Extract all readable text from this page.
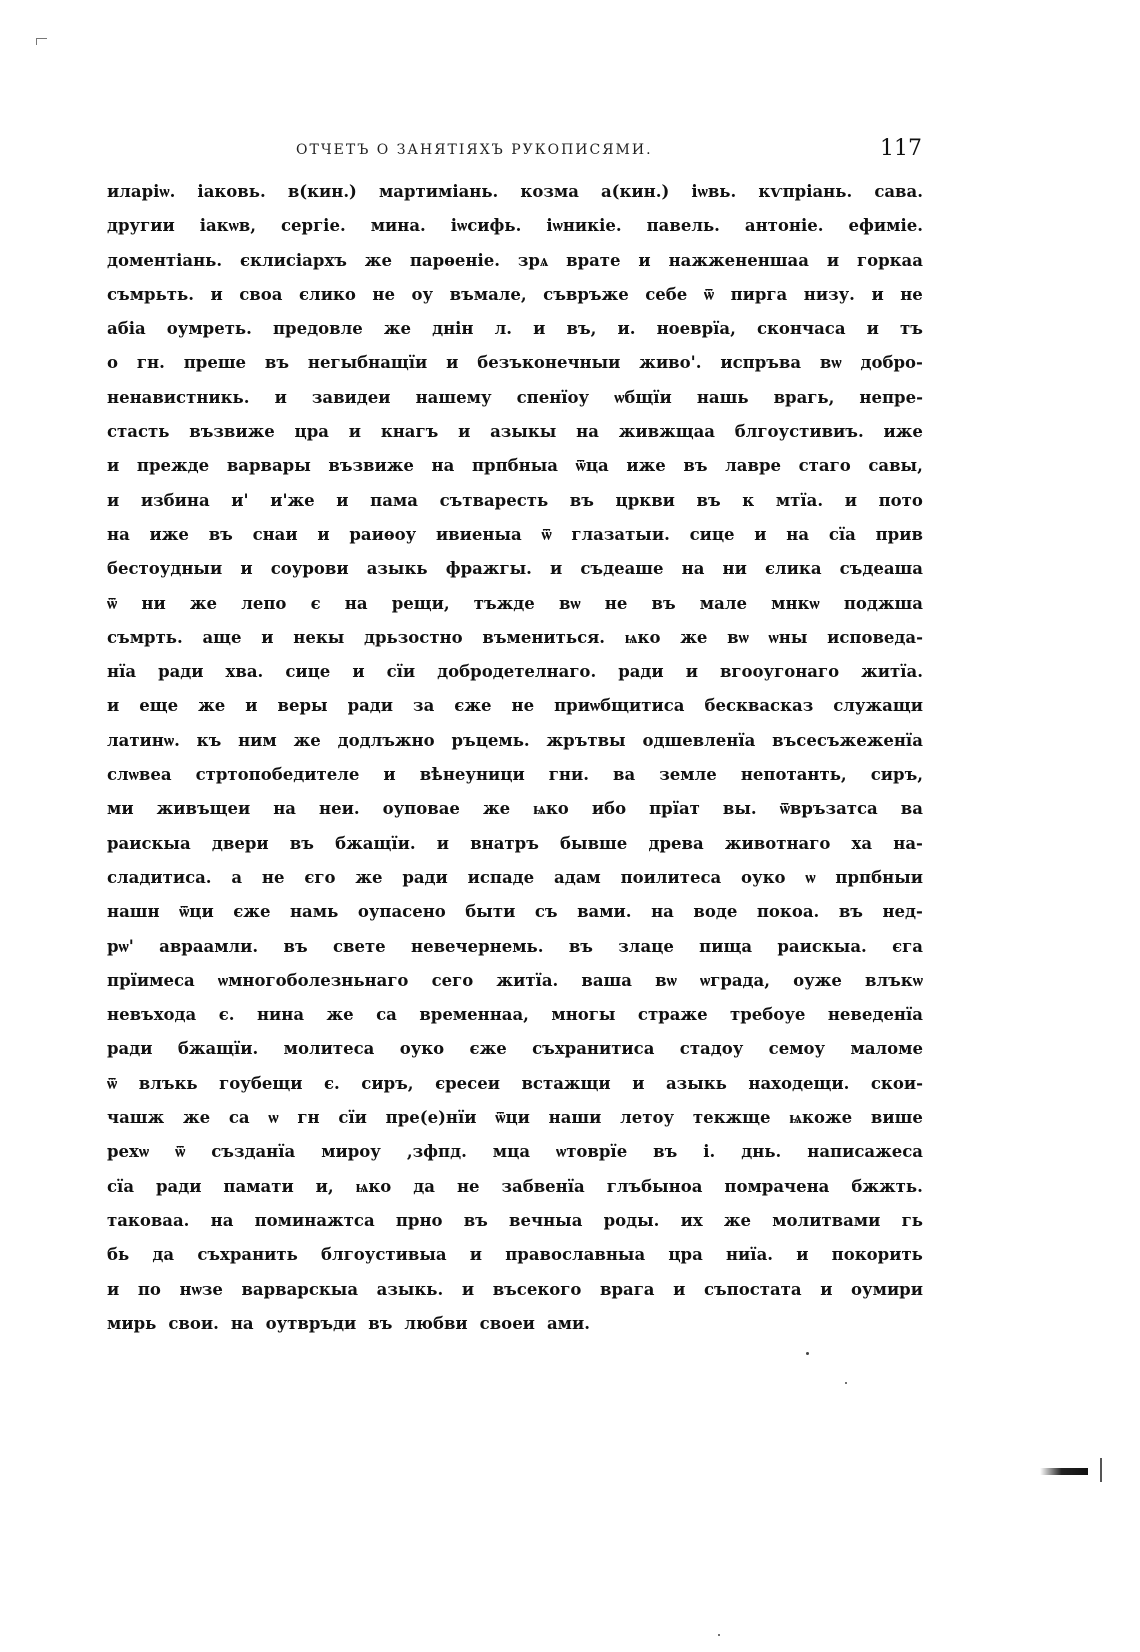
ОТЧЕТЪ О ЗАНЯТІЯХЪ РУКОПИСЯМИ.	117
иларіѡ. іаковь. в(кин.) мартиміань. козма а(кин.) іѡвь. кѵпріань. сава.
другии іакѡв, сергіе. мина. іѡсифь. іѡникіе. павель. антоніе. ефиміе.
доментіань. єклисіархъ же парѳеніе. зрѧ врате и нажжененшаа и горкаа
съмрьть. и своа єлико не оу въмале, съвръже себе ѿ пирга низу. и не
абіа оумреть. предовле же днін л. и въ, и. ноеврїа, скончаса и тъ
о гн. преше въ негыбнащїи и безъконечныи живо'. испръва вѡ добро-
ненавистникь. и завидеи нашему спенїоу ѡбщїи нашь врагь, непре-
стасть възвиже цра и кнагъ и азыкы на живжщаа блгоустивиъ. иже
и прежде варвары възвиже на прпбныа ѿца иже въ лавре стаго савы,
и избина и' и'же и пама сътваресть въ цркви въ к мтїа. и пото
на иже въ снаи и раиѳоу ивиеныа ѿ глазатыи. сице и на сїа прив
бестоудныи и соурови азыкь фражгы. и съдеаше на ни єлика съдеаша
ѿ ни же лепо є на рещи, тъжде вѡ не въ мале мнкѡ поджша
съмрть. аще и некы дрьзостно въмениться. ѩко же вѡ ѡны исповеда-
нїа ради хва. сице и сїи добродетелнаго. ради и вгооугонаго житїа.
и еще же и веры ради за єже не приѡбщитиса бесквасказ служащи
латинѡ. къ ним же додлъжно ръцемь. жрътвы одшевленїа въсесъжеженїа
слѡвеа стртопобедителе и вѣнеуници гни. ва земле непотанть, сиръ,
ми живъщеи на неи. оуповае же ѩко ибо прїат вы. ѿвръзатса ва
раискыа двери въ бжащїи. и внатръ бывше древа животнаго ха на-
сладитиса. а не єго же ради испаде адам поилитеса оуко ѡ прпбныи
нашн ѿци єже намь оупасено быти съ вами. на воде покоа. въ нед-
рѡ' авраамли. въ свете невечернемь. въ злаце пища раискыа. єга
прїимеса ѡмногоболезньнаго сего житїа. ваша вѡ ѡграда, оуже влъкѡ
невъхода є. нина же са временнаа, многы страже требоуе неведенїа
ради бжащїи. молитеса оуко єже съхранитиса стадоу семоу маломе
ѿ влъкь гоубещи є. сиръ, єресеи встажщи и азыкь находещи. скои-
чашж же са ѡ гн сїи пре(е)нїи ѿци наши летоу текжще ѩкоже више
рехѡ ѿ създанїа мироу ,зфпд. мца ѡтоврїе въ і. днь. написажеса
сїа ради памати и, ѩко да не забвенїа глъбыноа помраченa бжжть.
таковаа. на поминажтса прно въ вечныа роды. их же молитвами гь
бь да съхранить блгоустивыа и православныа цра ниїа. и покорить
и по нѡзе варварскыа азыкь. и въсекого врага и съпостата и оумири
мирь свои. на оутвръди въ любви своеи ами.
